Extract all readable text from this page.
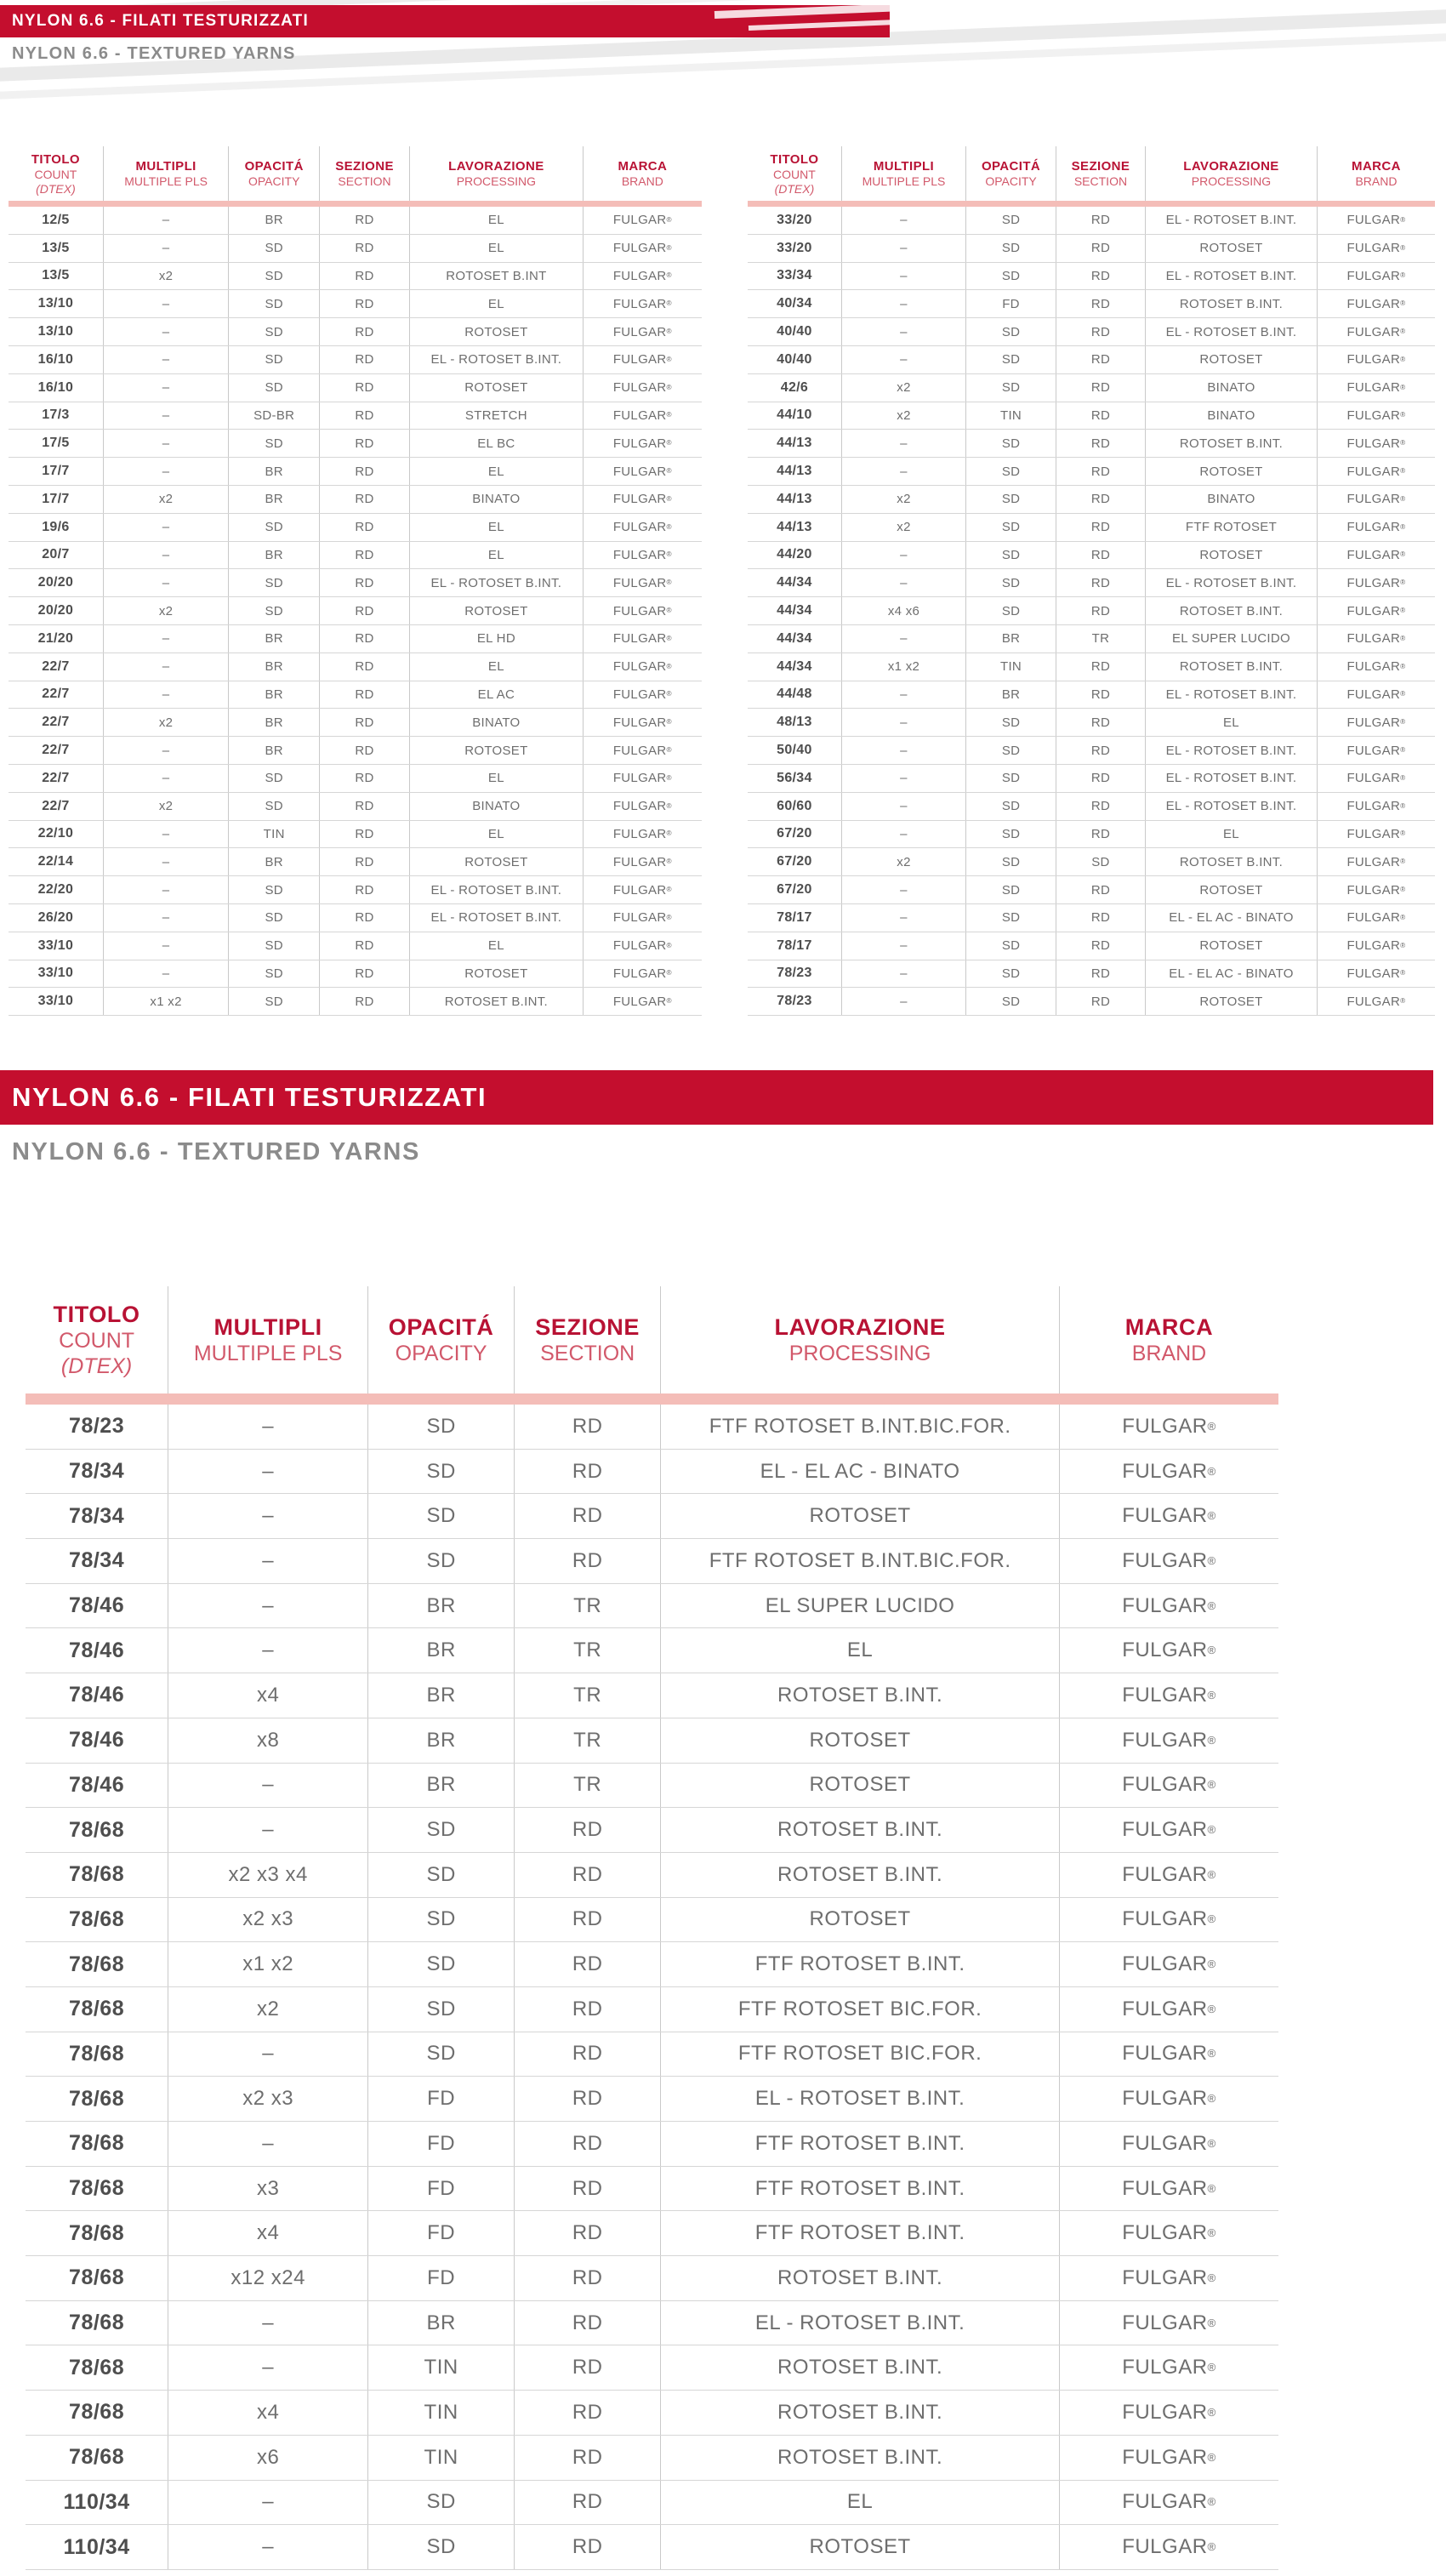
NYLON 6.6 - FILATI TESTURIZZATI
NYLON 6.6 - TEXTURED YARNS
TITOLO
COUNT
(DTEX)
MULTIPLI
MULTIPLE PLS
OPACITÁ
OPACITY
SEZIONE
SECTION
LAVORAZIONE
PROCESSING
MARCA
BRAND
12/5	–	BR	RD	EL	FULGAR ®
13/5	–	SD	RD	EL	FULGAR ®
13/5	x2	SD	RD	ROTOSET B.INT	FULGAR ®
13/10	–	SD	RD	EL	FULGAR ®
13/10	–	SD	RD	ROTOSET	FULGAR ®
16/10	–	SD	RD	EL - ROTOSET B.INT.	FULGAR ®
16/10	–	SD	RD	ROTOSET	FULGAR ®
17/3	–	SD-BR	RD	STRETCH	FULGAR ®
17/5	–	SD	RD	EL BC	FULGAR ®
17/7	–	BR	RD	EL	FULGAR ®
17/7	x2	BR	RD	BINATO	FULGAR ®
19/6	–	SD	RD	EL	FULGAR ®
20/7	–	BR	RD	EL	FULGAR ®
20/20	–	SD	RD	EL - ROTOSET B.INT.	FULGAR ®
20/20	x2	SD	RD	ROTOSET	FULGAR ®
21/20	–	BR	RD	EL HD	FULGAR ®
22/7	–	BR	RD	EL	FULGAR ®
22/7	–	BR	RD	EL AC	FULGAR ®
22/7	x2	BR	RD	BINATO	FULGAR ®
22/7	–	BR	RD	ROTOSET	FULGAR ®
22/7	–	SD	RD	EL	FULGAR ®
22/7	x2	SD	RD	BINATO	FULGAR ®
22/10	–	TIN	RD	EL	FULGAR ®
22/14	–	BR	RD	ROTOSET	FULGAR ®
22/20	–	SD	RD	EL - ROTOSET B.INT.	FULGAR ®
26/20	–	SD	RD	EL - ROTOSET B.INT.	FULGAR ®
33/10	–	SD	RD	EL	FULGAR ®
33/10	–	SD	RD	ROTOSET	FULGAR ®
33/10	x1 x2	SD	RD	ROTOSET B.INT.	FULGAR ®
TITOLO
COUNT
(DTEX)
MULTIPLI
MULTIPLE PLS
OPACITÁ
OPACITY
SEZIONE
SECTION
LAVORAZIONE
PROCESSING
MARCA
BRAND
33/20	–	SD	RD	EL - ROTOSET B.INT.	FULGAR ®
33/20	–	SD	RD	ROTOSET	FULGAR ®
33/34	–	SD	RD	EL - ROTOSET B.INT.	FULGAR ®
40/34	–	FD	RD	ROTOSET B.INT.	FULGAR ®
40/40	–	SD	RD	EL - ROTOSET B.INT.	FULGAR ®
40/40	–	SD	RD	ROTOSET	FULGAR ®
42/6	x2	SD	RD	BINATO	FULGAR ®
44/10	x2	TIN	RD	BINATO	FULGAR ®
44/13	–	SD	RD	ROTOSET B.INT.	FULGAR ®
44/13	–	SD	RD	ROTOSET	FULGAR ®
44/13	x2	SD	RD	BINATO	FULGAR ®
44/13	x2	SD	RD	FTF ROTOSET	FULGAR ®
44/20	–	SD	RD	ROTOSET	FULGAR ®
44/34	–	SD	RD	EL - ROTOSET B.INT.	FULGAR ®
44/34	x4 x6	SD	RD	ROTOSET B.INT.	FULGAR ®
44/34	–	BR	TR	EL SUPER LUCIDO	FULGAR ®
44/34	x1 x2	TIN	RD	ROTOSET B.INT.	FULGAR ®
44/48	–	BR	RD	EL - ROTOSET B.INT.	FULGAR ®
48/13	–	SD	RD	EL	FULGAR ®
50/40	–	SD	RD	EL - ROTOSET B.INT.	FULGAR ®
56/34	–	SD	RD	EL - ROTOSET B.INT.	FULGAR ®
60/60	–	SD	RD	EL - ROTOSET B.INT.	FULGAR ®
67/20	–	SD	RD	EL	FULGAR ®
67/20	x2	SD	SD	ROTOSET B.INT.	FULGAR ®
67/20	–	SD	RD	ROTOSET	FULGAR ®
78/17	–	SD	RD	EL - EL AC - BINATO	FULGAR ®
78/17	–	SD	RD	ROTOSET	FULGAR ®
78/23	–	SD	RD	EL - EL AC - BINATO	FULGAR ®
78/23	–	SD	RD	ROTOSET	FULGAR ®
NYLON 6.6 - FILATI TESTURIZZATI
NYLON 6.6 - TEXTURED YARNS
TITOLO
COUNT
(DTEX)
MULTIPLI
MULTIPLE PLS
OPACITÁ
OPACITY
SEZIONE
SECTION
LAVORAZIONE
PROCESSING
MARCA
BRAND
78/23	–	SD	RD	FTF ROTOSET B.INT.BIC.FOR.	FULGAR ®
78/34	–	SD	RD	EL - EL AC - BINATO	FULGAR ®
78/34	–	SD	RD	ROTOSET	FULGAR ®
78/34	–	SD	RD	FTF ROTOSET B.INT.BIC.FOR.	FULGAR ®
78/46	–	BR	TR	EL SUPER LUCIDO	FULGAR ®
78/46	–	BR	TR	EL	FULGAR ®
78/46	x4	BR	TR	ROTOSET B.INT.	FULGAR ®
78/46	x8	BR	TR	ROTOSET	FULGAR ®
78/46	–	BR	TR	ROTOSET	FULGAR ®
78/68	–	SD	RD	ROTOSET B.INT.	FULGAR ®
78/68	x2 x3 x4	SD	RD	ROTOSET B.INT.	FULGAR ®
78/68	x2 x3	SD	RD	ROTOSET	FULGAR ®
78/68	x1 x2	SD	RD	FTF ROTOSET B.INT.	FULGAR ®
78/68	x2	SD	RD	FTF ROTOSET BIC.FOR.	FULGAR ®
78/68	–	SD	RD	FTF ROTOSET BIC.FOR.	FULGAR ®
78/68	x2 x3	FD	RD	EL - ROTOSET B.INT.	FULGAR ®
78/68	–	FD	RD	FTF ROTOSET B.INT.	FULGAR ®
78/68	x3	FD	RD	FTF ROTOSET B.INT.	FULGAR ®
78/68	x4	FD	RD	FTF ROTOSET B.INT.	FULGAR ®
78/68	x12 x24	FD	RD	ROTOSET B.INT.	FULGAR ®
78/68	–	BR	RD	EL - ROTOSET B.INT.	FULGAR ®
78/68	–	TIN	RD	ROTOSET B.INT.	FULGAR ®
78/68	x4	TIN	RD	ROTOSET B.INT.	FULGAR ®
78/68	x6	TIN	RD	ROTOSET B.INT.	FULGAR ®
110/34	–	SD	RD	EL	FULGAR ®
110/34	–	SD	RD	ROTOSET	FULGAR ®
